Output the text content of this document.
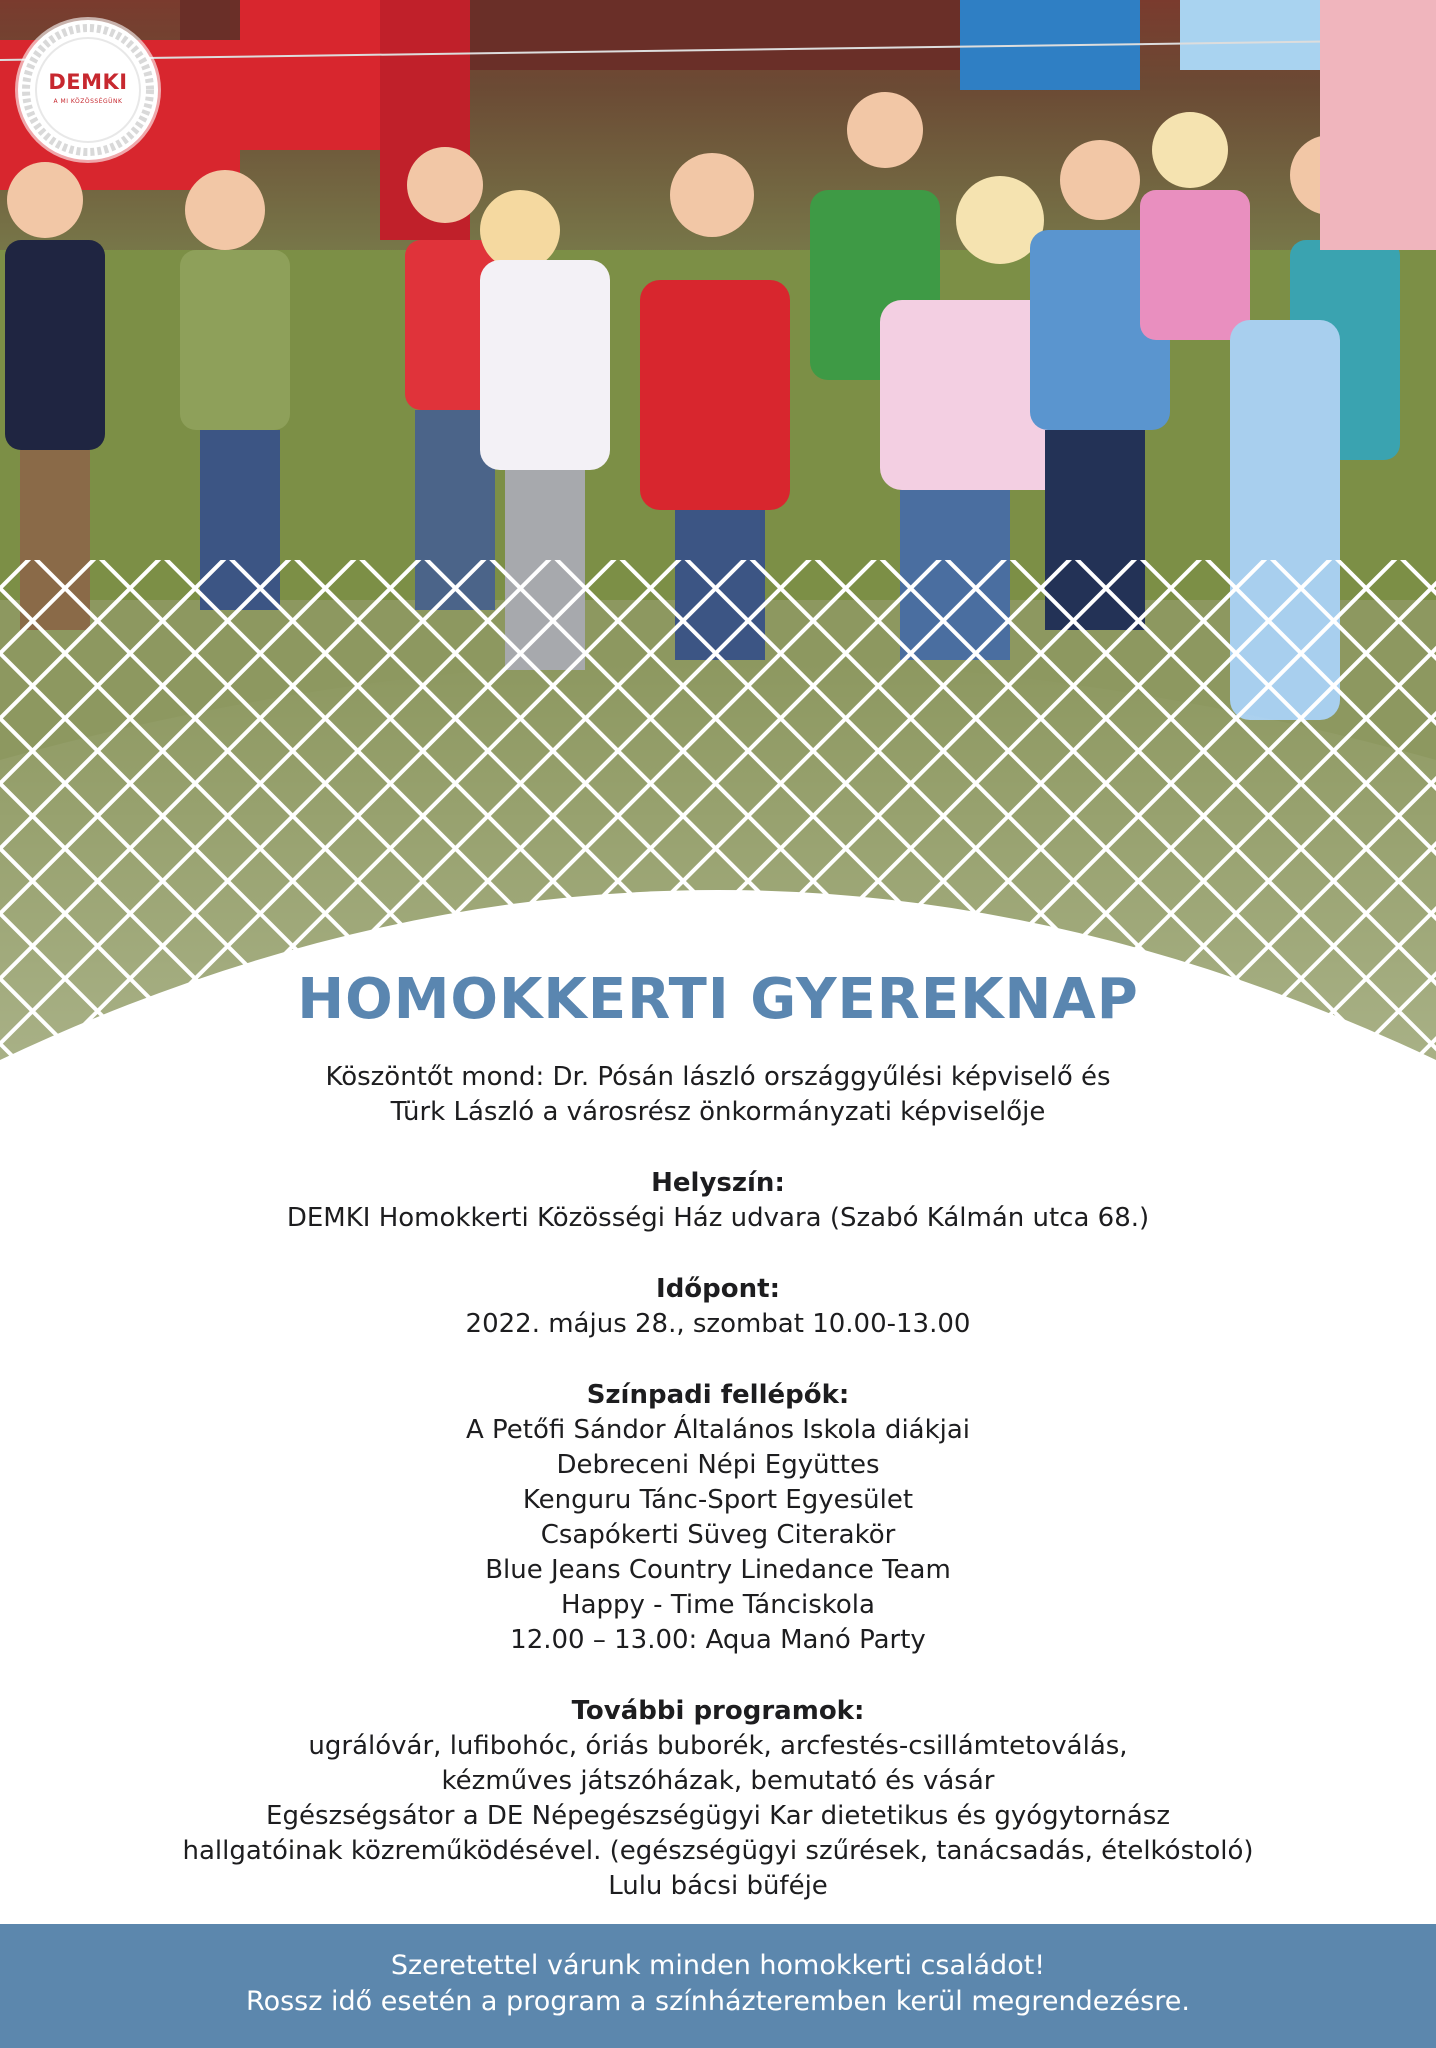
DEMKI
A MI KÖZÖSSÉGÜNK
HOMOKKERTI GYEREKNAP

Köszöntőt mond: Dr. Pósán lászló országgyűlési képviselő és

Türk László a városrész önkormányzati képviselője

Helyszín:

DEMKI Homokkerti Közösségi Ház udvara (Szabó Kálmán utca 68.)

Időpont:

2022. május 28., szombat 10.00-13.00

Színpadi fellépők:

A Petőfi Sándor Általános Iskola diákjai

Debreceni Népi Együttes

Kenguru Tánc-Sport Egyesület

Csapókerti Süveg Citerakör

Blue Jeans Country Linedance Team

Happy - Time Tánciskola

12.00 – 13.00: Aqua Manó Party

További programok:

ugrálóvár, lufibohóc, óriás buborék, arcfestés-csillámtetoválás,

kézműves játszóházak, bemutató és vásár

Egészségsátor a DE Népegészségügyi Kar dietetikus és gyógytornász

hallgatóinak közreműködésével. (egészségügyi szűrések, tanácsadás, ételkóstoló)

Lulu bácsi büféje

Szeretettel várunk minden homokkerti családot!
Rossz idő esetén a program a színházteremben kerül megrendezésre.
